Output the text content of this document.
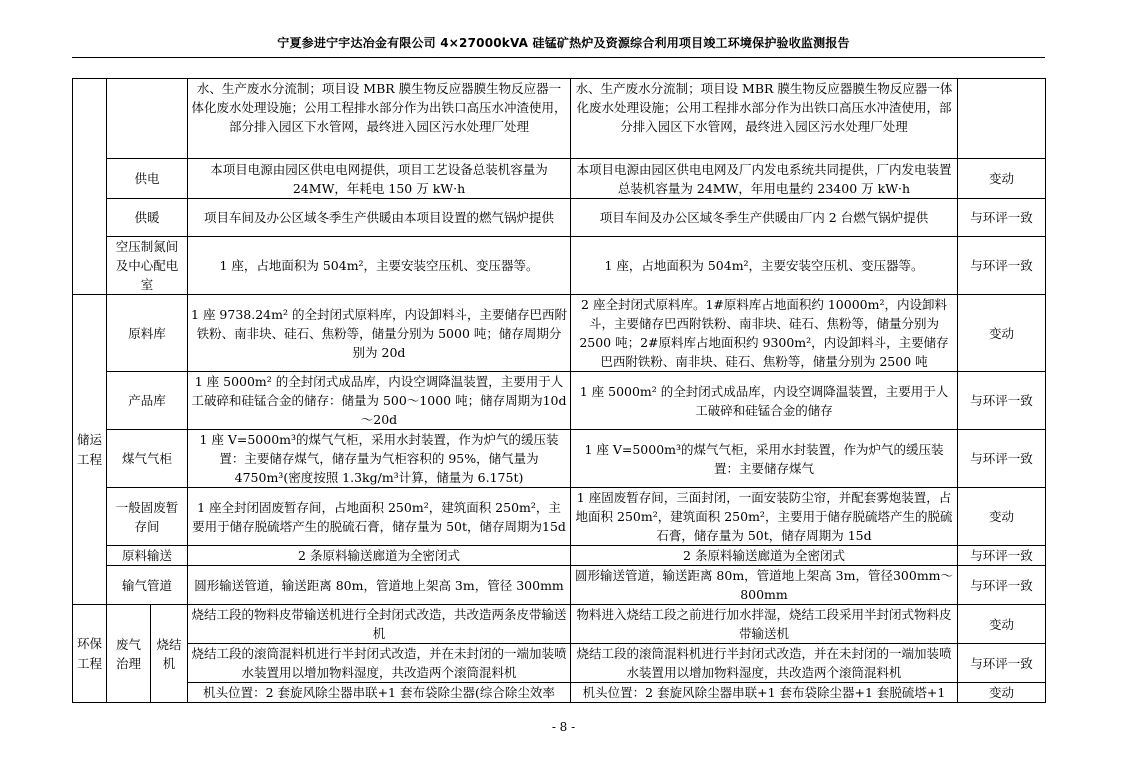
宁夏参进宁宇达冶金有限公司 4×27000kVA 硅锰矿热炉及资源综合利用项目竣工环境保护验收监测报告
			水、生产废水分流制；项目设 MBR 膜生物反应器膜生物反应器一体化废水处理设施；公用工程排水部分作为出铁口高压水冲渣使用，部分排入园区下水管网，最终进入园区污水处理厂处理	水、生产废水分流制；项目设 MBR 膜生物反应器膜生物反应器一体化废水处理设施；公用工程排水部分作为出铁口高压水冲渣使用，部分排入园区下水管网，最终进入园区污水处理厂处理	
	供电		本项目电源由园区供电电网提供，项目工艺设备总装机容量为24MW，年耗电 150 万 kW·h	本项目电源由园区供电电网及厂内发电系统共同提供，厂内发电装置总装机容量为 24MW，年用电量约 23400 万 kW·h	变动
	供暖		项目车间及办公区域冬季生产供暖由本项目设置的燃气锅炉提供	项目车间及办公区域冬季生产供暖由厂内 2 台燃气锅炉提供	与环评一致
	空压制氮间及中心配电室		1 座，占地面积为 504m²，主要安装空压机、变压器等。	1 座，占地面积为 504m²，主要安装空压机、变压器等。	与环评一致
储运工程	原料库		1 座 9738.24m² 的全封闭式原料库，内设卸料斗，主要储存巴西附铁粉、南非块、硅石、焦粉等，储量分别为 5000 吨；储存周期分别为 20d	2 座全封闭式原料库。1#原料库占地面积约 10000m²，内设卸料斗，主要储存巴西附铁粉、南非块、硅石、焦粉等，储量分别为2500 吨；2#原料库占地面积约 9300m²，内设卸料斗，主要储存巴西附铁粉、南非块、硅石、焦粉等，储量分别为 2500 吨	变动
	产品库		1 座 5000m² 的全封闭式成品库，内设空调降温装置，主要用于人工破碎和硅锰合金的储存：储量为 500～1000 吨；储存周期为10d～20d	1 座 5000m² 的全封闭式成品库，内设空调降温装置，主要用于人工破碎和硅锰合金的储存	与环评一致
	煤气气柜		1 座 V=5000m³的煤气气柜，采用水封装置，作为炉气的缓压装置：主要储存煤气，储存量为气柜容积的 95%，储气量为4750m³(密度按照 1.3kg/m³计算，储量为 6.175t)	1 座 V=5000m³的煤气气柜，采用水封装置，作为炉气的缓压装置：主要储存煤气	与环评一致
	一般固废暂存间		1 座全封闭固废暂存间，占地面积 250m²，建筑面积 250m²，主要用于储存脱硫塔产生的脱硫石膏，储存量为 50t，储存周期为15d	1 座固废暂存间，三面封闭，一面安装防尘帘，并配套雾炮装置，占地面积 250m²，建筑面积 250m²，主要用于储存脱硫塔产生的脱硫石膏，储存量为 50t，储存周期为 15d	变动
	原料输送		2 条原料输送廊道为全密闭式	2 条原料输送廊道为全密闭式	与环评一致
	输气管道		圆形输送管道，输送距离 80m，管道地上架高 3m，管径 300mm	圆形输送管道，输送距离 80m，管道地上架高 3m，管径300mm～800mm	与环评一致
环保工程	废气治理	烧结机	烧结工段的物料皮带输送机进行全封闭式改造，共改造两条皮带输送机	物料进入烧结工段之前进行加水拌湿，烧结工段采用半封闭式物料皮带输送机	变动
			烧结工段的滚筒混料机进行半封闭式改造，并在未封闭的一端加装喷水装置用以增加物料湿度，共改造两个滚筒混料机	烧结工段的滚筒混料机进行半封闭式改造，并在未封闭的一端加装喷水装置用以增加物料湿度，共改造两个滚筒混料机	与环评一致
			机头位置：2 套旋风除尘器串联+1 套布袋除尘器(综合除尘效率	机头位置：2 套旋风除尘器串联+1 套布袋除尘器+1 套脱硫塔+1	变动
- 8 -
